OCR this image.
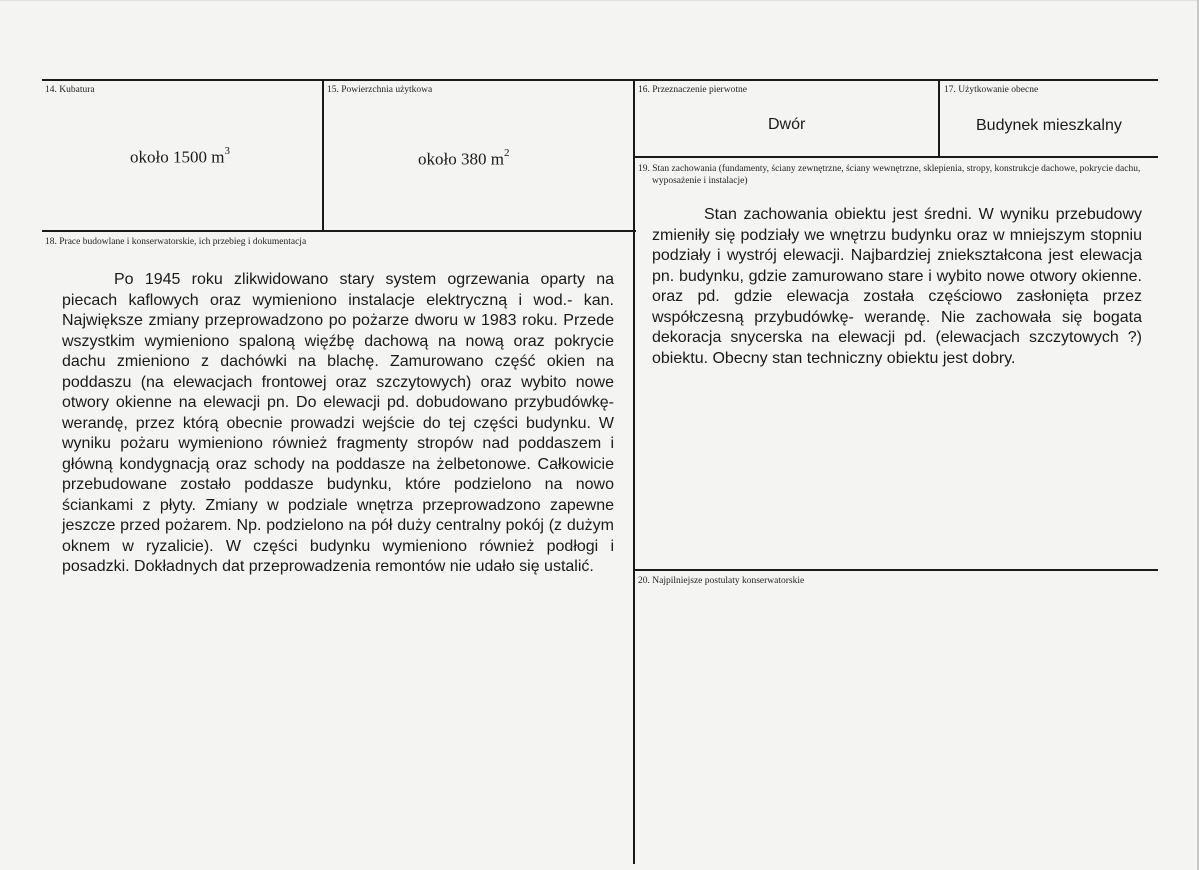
14. Kubatura
około 1500 $m^3$
15. Powierzchnia użytkowa
około 380 $m^2$
16. Przeznaczenie pierwotne
Dwór
17. Użytkowanie obecne
Budynek mieszkalny
18. Prace budowlane i konserwatorskie, ich przebieg i dokumentacja
Po 1945 roku zlikwidowano stary system ogrzewania oparty na piecach kaflowych oraz wymieniono instalacje elektryczną i wod.- kan. Największe zmiany przeprowadzono po pożarze dworu w 1983 roku. Przede wszystkim wymieniono spaloną więźbę dachową na nową oraz pokrycie dachu zmieniono z dachówki na blachę. Zamurowano część okien na poddaszu (na elewacjach frontowej oraz szczytowych) oraz wybito nowe otwory okienne na elewacji pn. Do elewacji pd. dobudowano przybudówkę- werandę, przez którą obecnie prowadzi wejście do tej części budynku. W wyniku pożaru wymieniono również fragmenty stropów nad poddaszem i główną kondygnacją oraz schody na poddasze na żelbetonowe. Całkowicie przebudowane zostało poddasze budynku, które podzielono na nowo ściankami z płyty. Zmiany w podziale wnętrza przeprowadzono zapewne jeszcze przed pożarem. Np. podzielono na pół duży centralny pokój (z dużym oknem w ryzalicie). W części budynku wymieniono również podłogi i posadzki. Dokładnych dat przeprowadzenia remontów nie udało się ustalić.
19. Stan zachowania (fundamenty, ściany zewnętrzne, ściany wewnętrzne, sklepienia, stropy, konstrukcje dachowe, pokrycie dachu, wyposażenie i instalacje)
Stan zachowania obiektu jest średni. W wyniku przebudowy zmieniły się podziały we wnętrzu budynku oraz w mniejszym stopniu podziały i wystrój elewacji. Najbardziej zniekształcona jest elewacja pn. budynku, gdzie zamurowano stare i wybito nowe otwory okienne. oraz pd. gdzie elewacja została częściowo zasłonięta przez współczesną przybudówkę- werandę. Nie zachowała się bogata dekoracja snycerska na elewacji pd. (elewacjach szczytowych ?) obiektu. Obecny stan techniczny obiektu jest dobry.
20. Najpilniejsze postulaty konserwatorskie
